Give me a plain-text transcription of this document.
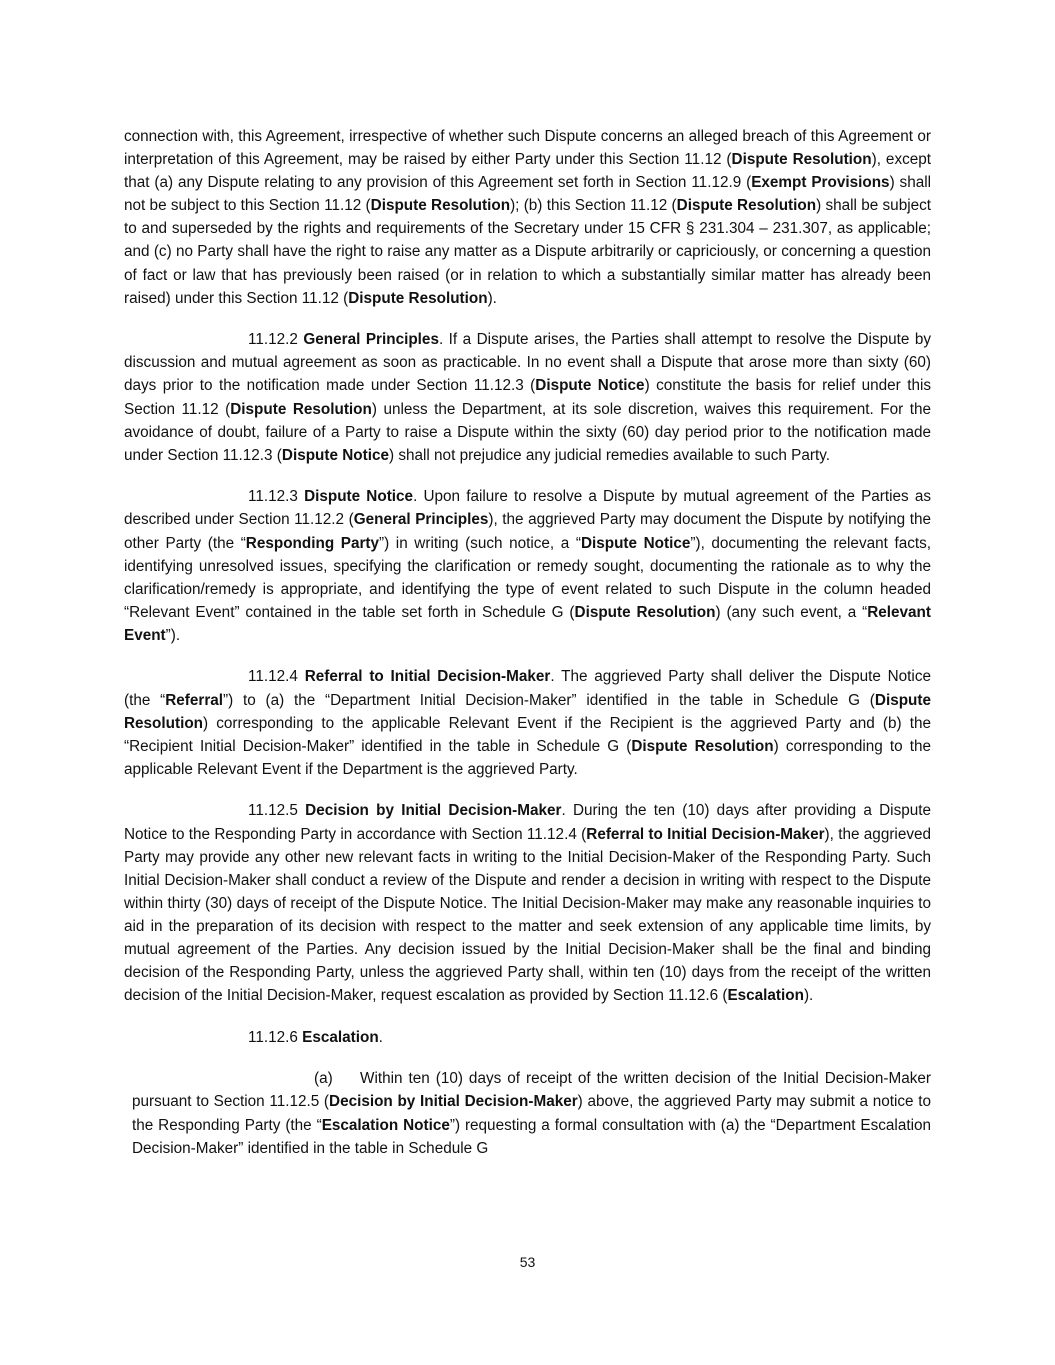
connection with, this Agreement, irrespective of whether such Dispute concerns an alleged breach of this Agreement or interpretation of this Agreement, may be raised by either Party under this Section 11.12 (Dispute Resolution), except that (a) any Dispute relating to any provision of this Agreement set forth in Section 11.12.9 (Exempt Provisions) shall not be subject to this Section 11.12 (Dispute Resolution); (b) this Section 11.12 (Dispute Resolution) shall be subject to and superseded by the rights and requirements of the Secretary under 15 CFR § 231.304 – 231.307, as applicable; and (c) no Party shall have the right to raise any matter as a Dispute arbitrarily or capriciously, or concerning a question of fact or law that has previously been raised (or in relation to which a substantially similar matter has already been raised) under this Section 11.12 (Dispute Resolution).

11.12.2 General Principles. If a Dispute arises, the Parties shall attempt to resolve the Dispute by discussion and mutual agreement as soon as practicable. In no event shall a Dispute that arose more than sixty (60) days prior to the notification made under Section 11.12.3 (Dispute Notice) constitute the basis for relief under this Section 11.12 (Dispute Resolution) unless the Department, at its sole discretion, waives this requirement. For the avoidance of doubt, failure of a Party to raise a Dispute within the sixty (60) day period prior to the notification made under Section 11.12.3 (Dispute Notice) shall not prejudice any judicial remedies available to such Party.

11.12.3 Dispute Notice. Upon failure to resolve a Dispute by mutual agreement of the Parties as described under Section 11.12.2 (General Principles), the aggrieved Party may document the Dispute by notifying the other Party (the “Responding Party”) in writing (such notice, a “Dispute Notice”), documenting the relevant facts, identifying unresolved issues, specifying the clarification or remedy sought, documenting the rationale as to why the clarification/remedy is appropriate, and identifying the type of event related to such Dispute in the column headed “Relevant Event” contained in the table set forth in Schedule G (Dispute Resolution) (any such event, a “Relevant Event”).

11.12.4 Referral to Initial Decision-Maker. The aggrieved Party shall deliver the Dispute Notice (the “Referral”) to (a) the “Department Initial Decision-Maker” identified in the table in Schedule G (Dispute Resolution) corresponding to the applicable Relevant Event if the Recipient is the aggrieved Party and (b) the “Recipient Initial Decision-Maker” identified in the table in Schedule G (Dispute Resolution) corresponding to the applicable Relevant Event if the Department is the aggrieved Party.

11.12.5 Decision by Initial Decision-Maker. During the ten (10) days after providing a Dispute Notice to the Responding Party in accordance with Section 11.12.4 (Referral to Initial Decision-Maker), the aggrieved Party may provide any other new relevant facts in writing to the Initial Decision-Maker of the Responding Party. Such Initial Decision-Maker shall conduct a review of the Dispute and render a decision in writing with respect to the Dispute within thirty (30) days of receipt of the Dispute Notice. The Initial Decision-Maker may make any reasonable inquiries to aid in the preparation of its decision with respect to the matter and seek extension of any applicable time limits, by mutual agreement of the Parties. Any decision issued by the Initial Decision-Maker shall be the final and binding decision of the Responding Party, unless the aggrieved Party shall, within ten (10) days from the receipt of the written decision of the Initial Decision-Maker, request escalation as provided by Section 11.12.6 (Escalation).

11.12.6 Escalation.

(a) Within ten (10) days of receipt of the written decision of the Initial Decision-Maker pursuant to Section 11.12.5 (Decision by Initial Decision-Maker) above, the aggrieved Party may submit a notice to the Responding Party (the “Escalation Notice”) requesting a formal consultation with (a) the “Department Escalation Decision-Maker” identified in the table in Schedule G

53
